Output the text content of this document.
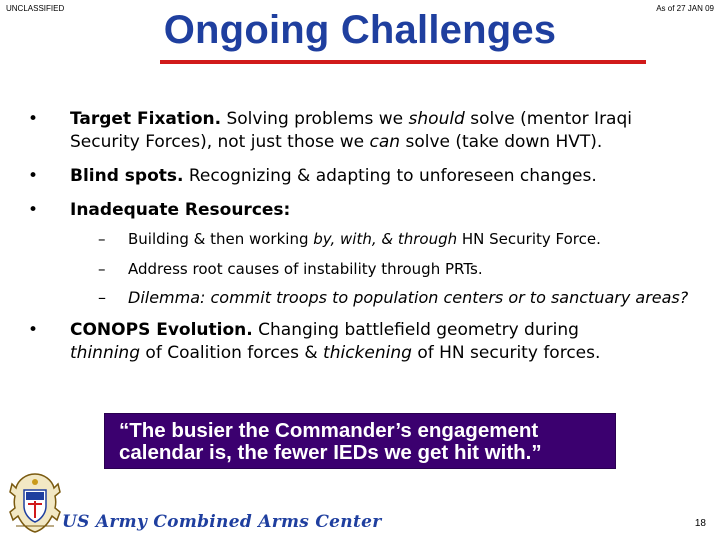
UNCLASSIFIED	As of 27 JAN 09
Ongoing Challenges
•	Target Fixation. Solving problems we should solve (mentor Iraqi
Security Forces), not just those we can solve (take down HVT).
•	Blind spots. Recognizing & adapting to unforeseen changes.
•	Inadequate Resources:
– Building & then working by, with, & through HN Security Force.
– Address root causes of instability through PRTs.
– Dilemma: commit troops to population centers or to sanctuary areas?
•	CONOPS Evolution. Changing battlefield geometry during
thinning of Coalition forces & thickening of HN security forces.
“The busier the Commander’s engagement
calendar is, the fewer IEDs we get hit with.”
US Army Combined Arms Center	18
